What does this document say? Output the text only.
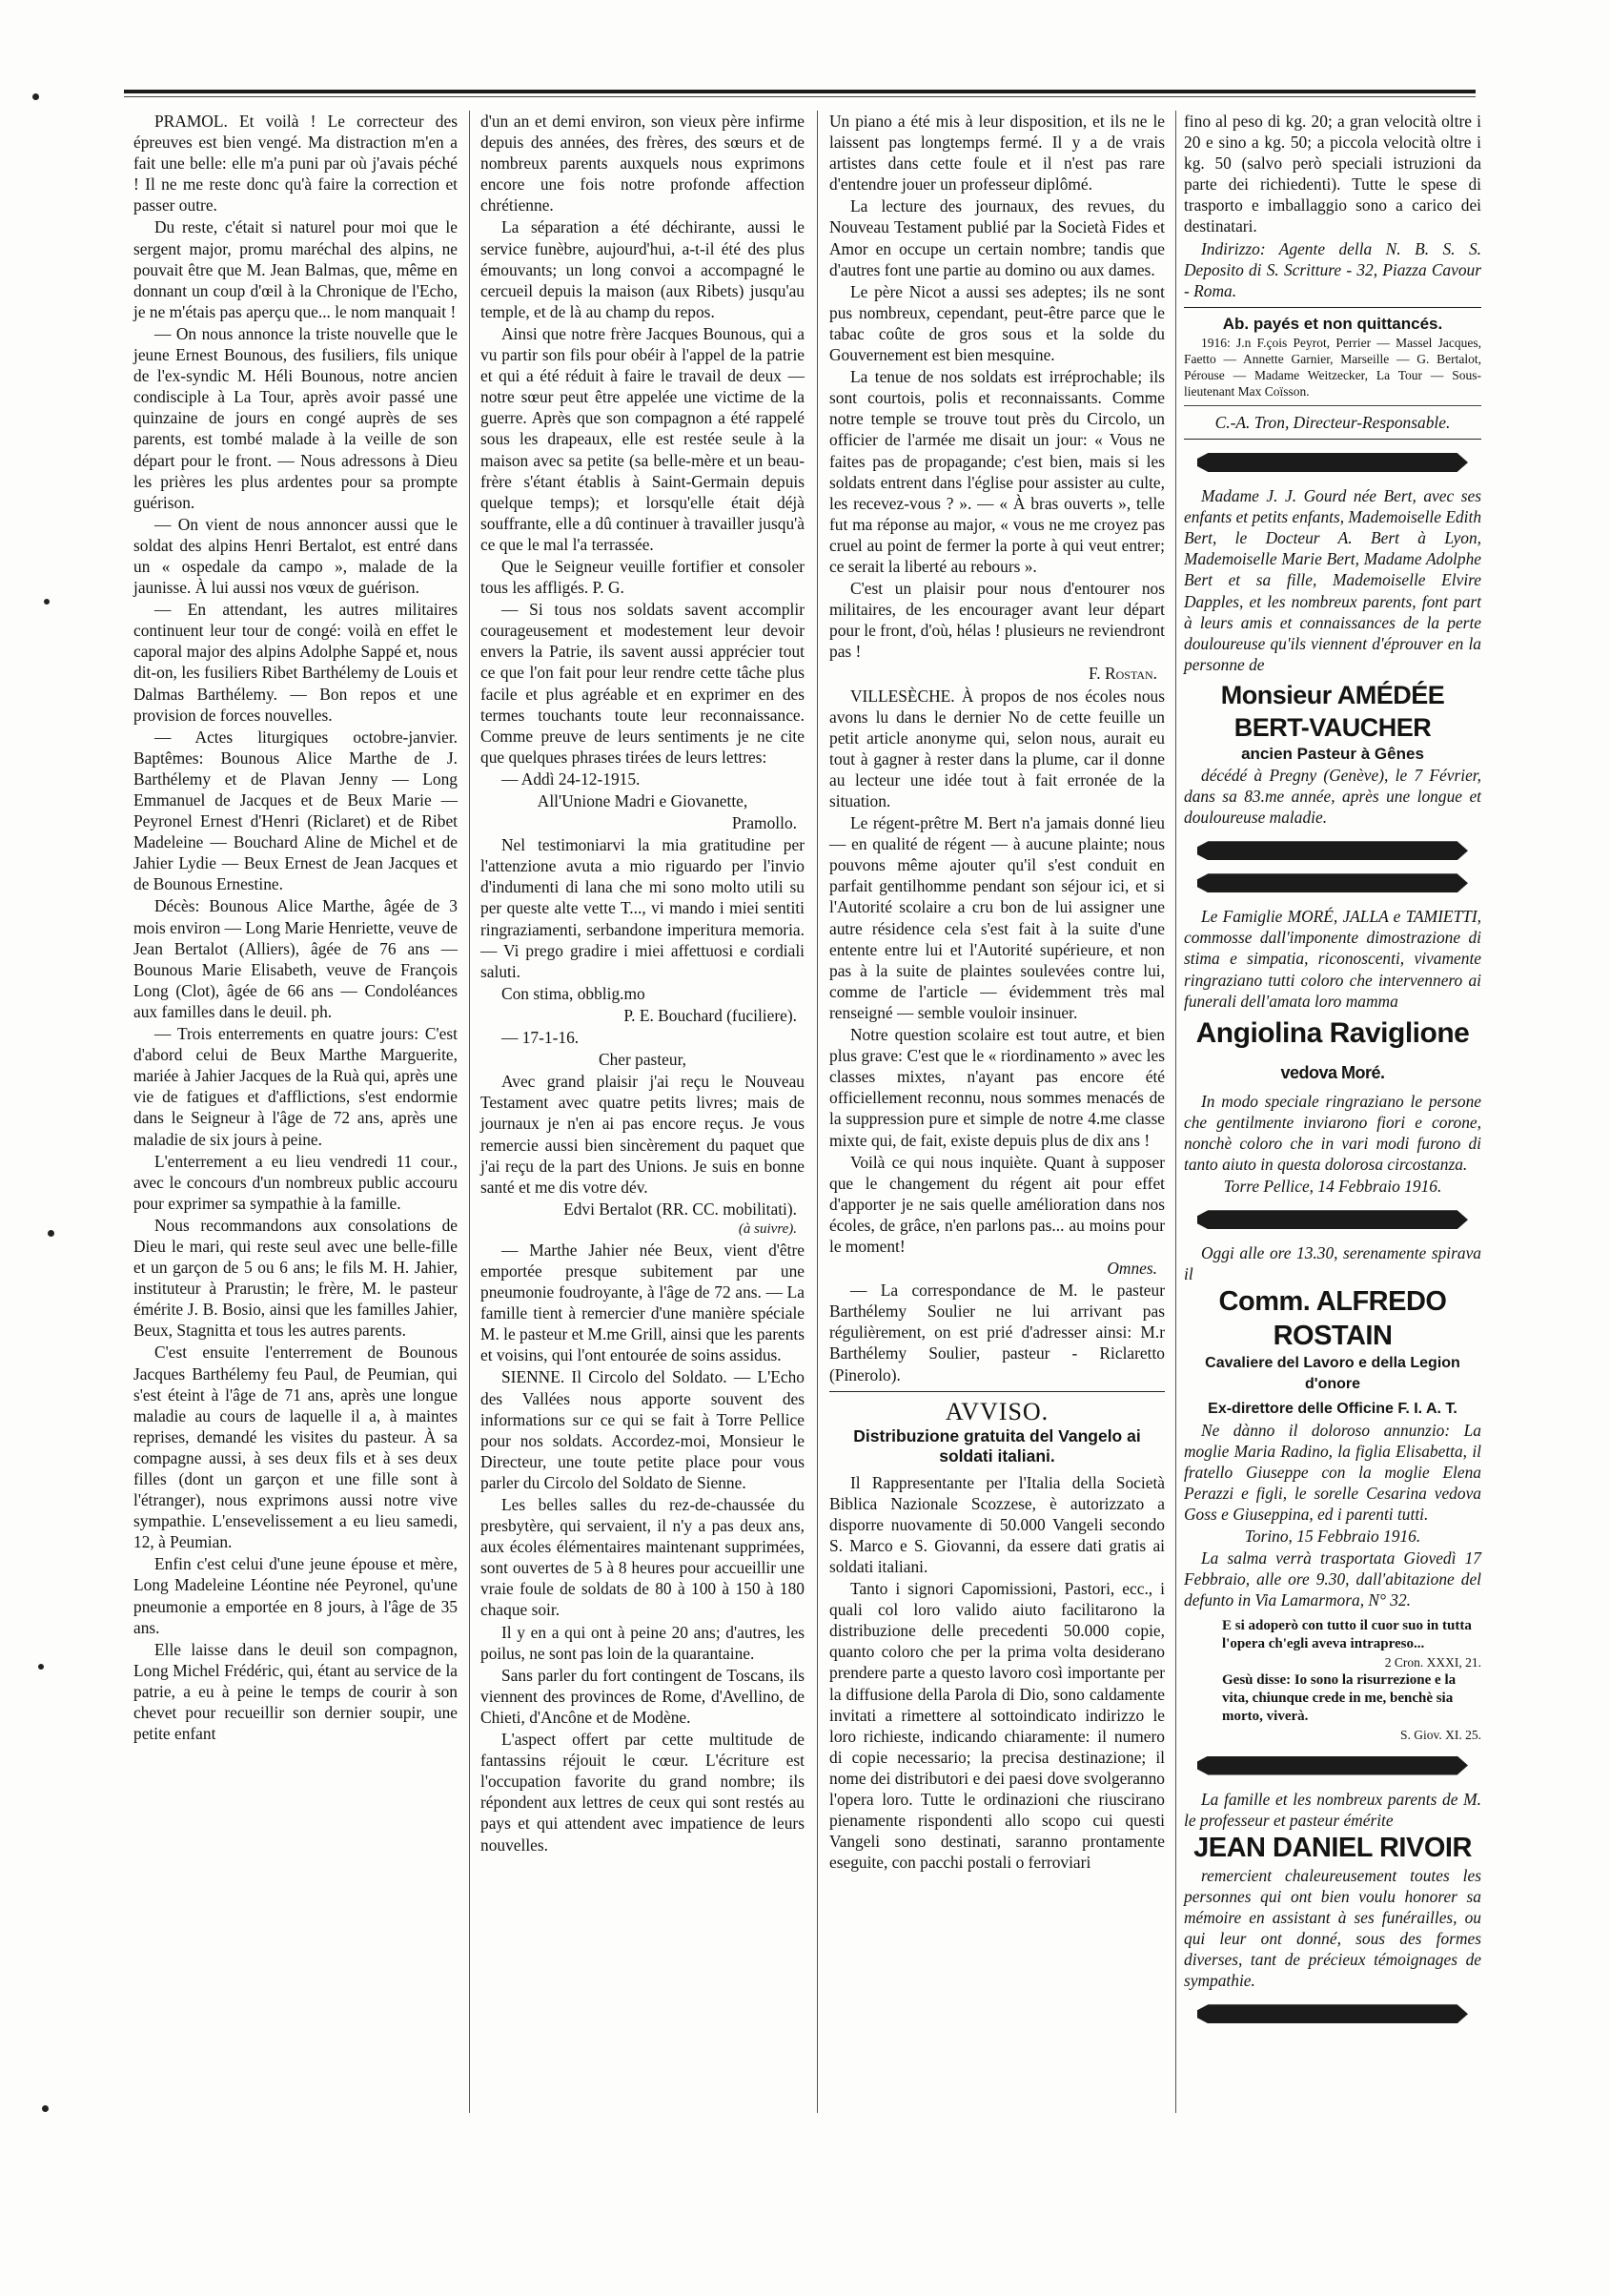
PRAMOL. Et voilà ! Le correcteur des épreuves est bien vengé. Ma distraction m'en a fait une belle: elle m'a puni par où j'avais péché ! Il ne me reste donc qu'à faire la correction et passer outre.

Du reste, c'était si naturel pour moi que le sergent major, promu maréchal des alpins, ne pouvait être que M. Jean Balmas, que, même en donnant un coup d'œil à la Chronique de l'Echo, je ne m'étais pas aperçu que... le nom manquait !

— On nous annonce la triste nouvelle que le jeune Ernest Bounous, des fusiliers, fils unique de l'ex-syndic M. Héli Bounous, notre ancien condisciple à La Tour, après avoir passé une quinzaine de jours en congé auprès de ses parents, est tombé malade à la veille de son départ pour le front. — Nous adressons à Dieu les prières les plus ardentes pour sa prompte guérison.

— On vient de nous annoncer aussi que le soldat des alpins Henri Bertalot, est entré dans un « ospedale da campo », malade de la jaunisse. À lui aussi nos vœux de guérison.

— En attendant, les autres militaires continuent leur tour de congé: voilà en effet le caporal major des alpins Adolphe Sappé et, nous dit-on, les fusiliers Ribet Barthélemy de Louis et Dalmas Barthélemy. — Bon repos et une provision de forces nouvelles.

— Actes liturgiques octobre-janvier. Baptêmes: Bounous Alice Marthe de J. Barthélemy et de Plavan Jenny — Long Emmanuel de Jacques et de Beux Marie — Peyronel Ernest d'Henri (Riclaret) et de Ribet Madeleine — Bouchard Aline de Michel et de Jahier Lydie — Beux Ernest de Jean Jacques et de Bounous Ernestine.

Décès: Bounous Alice Marthe, âgée de 3 mois environ — Long Marie Henriette, veuve de Jean Bertalot (Alliers), âgée de 76 ans — Bounous Marie Elisabeth, veuve de François Long (Clot), âgée de 66 ans — Condoléances aux familles dans le deuil. ph.

— Trois enterrements en quatre jours: C'est d'abord celui de Beux Marthe Marguerite, mariée à Jahier Jacques de la Ruà qui, après une vie de fatigues et d'afflictions, s'est endormie dans le Seigneur à l'âge de 72 ans, après une maladie de six jours à peine.

L'enterrement a eu lieu vendredi 11 cour., avec le concours d'un nombreux public accouru pour exprimer sa sympathie à la famille.

Nous recommandons aux consolations de Dieu le mari, qui reste seul avec une belle-fille et un garçon de 5 ou 6 ans; le fils M. H. Jahier, instituteur à Prarustin; le frère, M. le pasteur émérite J. B. Bosio, ainsi que les familles Jahier, Beux, Stagnitta et tous les autres parents.

C'est ensuite l'enterrement de Bounous Jacques Barthélemy feu Paul, de Peumian, qui s'est éteint à l'âge de 71 ans, après une longue maladie au cours de laquelle il a, à maintes reprises, demandé les visites du pasteur. À sa compagne aussi, à ses deux fils et à ses deux filles (dont un garçon et une fille sont à l'étranger), nous exprimons aussi notre vive sympathie. L'ensevelissement a eu lieu samedi, 12, à Peumian.

Enfin c'est celui d'une jeune épouse et mère, Long Madeleine Léontine née Peyronel, qu'une pneumonie a emportée en 8 jours, à l'âge de 35 ans.

Elle laisse dans le deuil son compagnon, Long Michel Frédéric, qui, étant au service de la patrie, a eu à peine le temps de courir à son chevet pour recueillir son dernier soupir, une petite enfant

d'un an et demi environ, son vieux père infirme depuis des années, des frères, des sœurs et de nombreux parents auxquels nous exprimons encore une fois notre profonde affection chrétienne.

La séparation a été déchirante, aussi le service funèbre, aujourd'hui, a-t-il été des plus émouvants; un long convoi a accompagné le cercueil depuis la maison (aux Ribets) jusqu'au temple, et de là au champ du repos.

Ainsi que notre frère Jacques Bounous, qui a vu partir son fils pour obéir à l'appel de la patrie et qui a été réduit à faire le travail de deux — notre sœur peut être appelée une victime de la guerre. Après que son compagnon a été rappelé sous les drapeaux, elle est restée seule à la maison avec sa petite (sa belle-mère et un beau-frère s'étant établis à Saint-Germain depuis quelque temps); et lorsqu'elle était déjà souffrante, elle a dû continuer à travailler jusqu'à ce que le mal l'a terrassée.

Que le Seigneur veuille fortifier et consoler tous les affligés. P. G.

— Si tous nos soldats savent accomplir courageusement et modestement leur devoir envers la Patrie, ils savent aussi apprécier tout ce que l'on fait pour leur rendre cette tâche plus facile et plus agréable et en exprimer en des termes touchants toute leur reconnaissance. Comme preuve de leurs sentiments je ne cite que quelques phrases tirées de leurs lettres:

— Addì 24-12-1915.

All'Unione Madri e Giovanette,

Pramollo.

Nel testimoniarvi la mia gratitudine per l'attenzione avuta a mio riguardo per l'invio d'indumenti di lana che mi sono molto utili su per queste alte vette T..., vi mando i miei sentiti ringraziamenti, serbandone imperitura memoria. — Vi prego gradire i miei affettuosi e cordiali saluti.

Con stima, obblig.mo

P. E. Bouchard (fuciliere).

— 17-1-16.

Cher pasteur,

Avec grand plaisir j'ai reçu le Nouveau Testament avec quatre petits livres; mais de journaux je n'en ai pas encore reçus. Je vous remercie aussi bien sincèrement du paquet que j'ai reçu de la part des Unions. Je suis en bonne santé et me dis votre dév.

Edvi Bertalot (RR. CC. mobilitati).

(à suivre).

— Marthe Jahier née Beux, vient d'être emportée presque subitement par une pneumonie foudroyante, à l'âge de 72 ans. — La famille tient à remercier d'une manière spéciale M. le pasteur et M.me Grill, ainsi que les parents et voisins, qui l'ont entourée de soins assidus.

SIENNE. Il Circolo del Soldato. — L'Echo des Vallées nous apporte souvent des informations sur ce qui se fait à Torre Pellice pour nos soldats. Accordez-moi, Monsieur le Directeur, une toute petite place pour vous parler du Circolo del Soldato de Sienne.

Les belles salles du rez-de-chaussée du presbytère, qui servaient, il n'y a pas deux ans, aux écoles élémentaires maintenant supprimées, sont ouvertes de 5 à 8 heures pour accueillir une vraie foule de soldats de 80 à 100 à 150 à 180 chaque soir.

Il y en a qui ont à peine 20 ans; d'autres, les poilus, ne sont pas loin de la quarantaine.

Sans parler du fort contingent de Toscans, ils viennent des provinces de Rome, d'Avellino, de Chieti, d'Ancône et de Modène.

L'aspect offert par cette multitude de fantassins réjouit le cœur. L'écriture est l'occupation favorite du grand nombre; ils répondent aux lettres de ceux qui sont restés au pays et qui attendent avec impatience de leurs nouvelles.

Un piano a été mis à leur disposition, et ils ne le laissent pas longtemps fermé. Il y a de vrais artistes dans cette foule et il n'est pas rare d'entendre jouer un professeur diplômé.

La lecture des journaux, des revues, du Nouveau Testament publié par la Società Fides et Amor en occupe un certain nombre; tandis que d'autres font une partie au domino ou aux dames.

Le père Nicot a aussi ses adeptes; ils ne sont pus nombreux, cependant, peut-être parce que le tabac coûte de gros sous et la solde du Gouvernement est bien mesquine.

La tenue de nos soldats est irréprochable; ils sont courtois, polis et reconnaissants. Comme notre temple se trouve tout près du Circolo, un officier de l'armée me disait un jour: « Vous ne faites pas de propagande; c'est bien, mais si les soldats entrent dans l'église pour assister au culte, les recevez-vous ? ». — « À bras ouverts », telle fut ma réponse au major, « vous ne me croyez pas cruel au point de fermer la porte à qui veut entrer; ce serait la liberté au rebours ».

C'est un plaisir pour nous d'entourer nos militaires, de les encourager avant leur départ pour le front, d'où, hélas ! plusieurs ne reviendront pas !

F. Rostan.

VILLESÈCHE. À propos de nos écoles nous avons lu dans le dernier No de cette feuille un petit article anonyme qui, selon nous, aurait eu tout à gagner à rester dans la plume, car il donne au lecteur une idée tout à fait erronée de la situation.

Le régent-prêtre M. Bert n'a jamais donné lieu — en qualité de régent — à aucune plainte; nous pouvons même ajouter qu'il s'est conduit en parfait gentilhomme pendant son séjour ici, et si l'Autorité scolaire a cru bon de lui assigner une autre résidence cela s'est fait à la suite d'une entente entre lui et l'Autorité supérieure, et non pas à la suite de plaintes soulevées contre lui, comme de l'article — évidemment très mal renseigné — semble vouloir insinuer.

Notre question scolaire est tout autre, et bien plus grave: C'est que le « riordinamento » avec les classes mixtes, n'ayant pas encore été officiellement reconnu, nous sommes menacés de la suppression pure et simple de notre 4.me classe mixte qui, de fait, existe depuis plus de dix ans !

Voilà ce qui nous inquiète. Quant à supposer que le changement du régent ait pour effet d'apporter je ne sais quelle amélioration dans nos écoles, de grâce, n'en parlons pas... au moins pour le moment!

Omnes.

— La correspondance de M. le pasteur Barthélemy Soulier ne lui arrivant pas régulièrement, on est prié d'adresser ainsi: M.r Barthélemy Soulier, pasteur - Riclaretto (Pinerolo).

AVVISO.
Distribuzione gratuita del Vangelo ai soldati italiani.

Il Rappresentante per l'Italia della Società Biblica Nazionale Scozzese, è autorizzato a disporre nuovamente di 50.000 Vangeli secondo S. Marco e S. Giovanni, da essere dati gratis ai soldati italiani.

Tanto i signori Capomissioni, Pastori, ecc., i quali col loro valido aiuto facilitarono la distribuzione delle precedenti 50.000 copie, quanto coloro che per la prima volta desiderano prendere parte a questo lavoro così importante per la diffusione della Parola di Dio, sono caldamente invitati a rimettere al sottoindicato indirizzo le loro richieste, indicando chiaramente: il numero di copie necessario; la precisa destinazione; il nome dei distributori e dei paesi dove svolgeranno l'opera loro. Tutte le ordinazioni che riuscirano pienamente rispondenti allo scopo cui questi Vangeli sono destinati, saranno prontamente eseguite, con pacchi postali o ferroviari

fino al peso di kg. 20; a gran velocità oltre i 20 e sino a kg. 50; a piccola velocità oltre i kg. 50 (salvo però speciali istruzioni da parte dei richiedenti). Tutte le spese di trasporto e imballaggio sono a carico dei destinatari.

Indirizzo: Agente della N. B. S. S. Deposito di S. Scritture - 32, Piazza Cavour - Roma.

Ab. payés et non quittancés.

1916: J.n F.çois Peyrot, Perrier — Massel Jacques, Faetto — Annette Garnier, Marseille — G. Bertalot, Pérouse — Madame Weitzecker, La Tour — Sous-lieutenant Max Coïsson.

C.-A. Tron, Directeur-Responsable.

Madame J. J. Gourd née Bert, avec ses enfants et petits enfants, Mademoiselle Edith Bert, le Docteur A. Bert à Lyon, Mademoiselle Marie Bert, Madame Adolphe Bert et sa fille, Mademoiselle Elvire Dapples, et les nombreux parents, font part à leurs amis et connaissances de la perte douloureuse qu'ils viennent d'éprouver en la personne de

Monsieur AMÉDÉE BERT-VAUCHER
ancien Pasteur à Gênes

décédé à Pregny (Genève), le 7 Février, dans sa 83.me année, après une longue et douloureuse maladie.

Le Famiglie MORÉ, JALLA e TAMIETTI, commosse dall'imponente dimostrazione di stima e simpatia, riconoscenti, vivamente ringraziano tutti coloro che intervennero ai funerali dell'amata loro mamma

Angiolina Raviglione vedova Moré.

In modo speciale ringraziano le persone che gentilmente inviarono fiori e corone, nonchè coloro che in vari modi furono di tanto aiuto in questa dolorosa circostanza.

Torre Pellice, 14 Febbraio 1916.

Oggi alle ore 13.30, serenamente spirava il

Comm. ALFREDO ROSTAIN
Cavaliere del Lavoro e della Legion d'onore
Ex-direttore delle Officine F. I. A. T.

Ne dànno il doloroso annunzio: La moglie Maria Radino, la figlia Elisabetta, il fratello Giuseppe con la moglie Elena Perazzi e figli, le sorelle Cesarina vedova Goss e Giuseppina, ed i parenti tutti.

Torino, 15 Febbraio 1916.

La salma verrà trasportata Giovedì 17 Febbraio, alle ore 9.30, dall'abitazione del defunto in Via Lamarmora, N° 32.

E si adoperò con tutto il cuor suo in tutta l'opera ch'egli aveva intrapreso...

2 Cron. XXXI, 21.

Gesù disse: Io sono la risurrezione e la vita, chiunque crede in me, benchè sia morto, viverà.

S. Giov. XI. 25.

La famille et les nombreux parents de M. le professeur et pasteur émérite

JEAN DANIEL RIVOIR

remercient chaleureusement toutes les personnes qui ont bien voulu honorer sa mémoire en assistant à ses funérailles, ou qui leur ont donné, sous des formes diverses, tant de précieux témoignages de sympathie.
